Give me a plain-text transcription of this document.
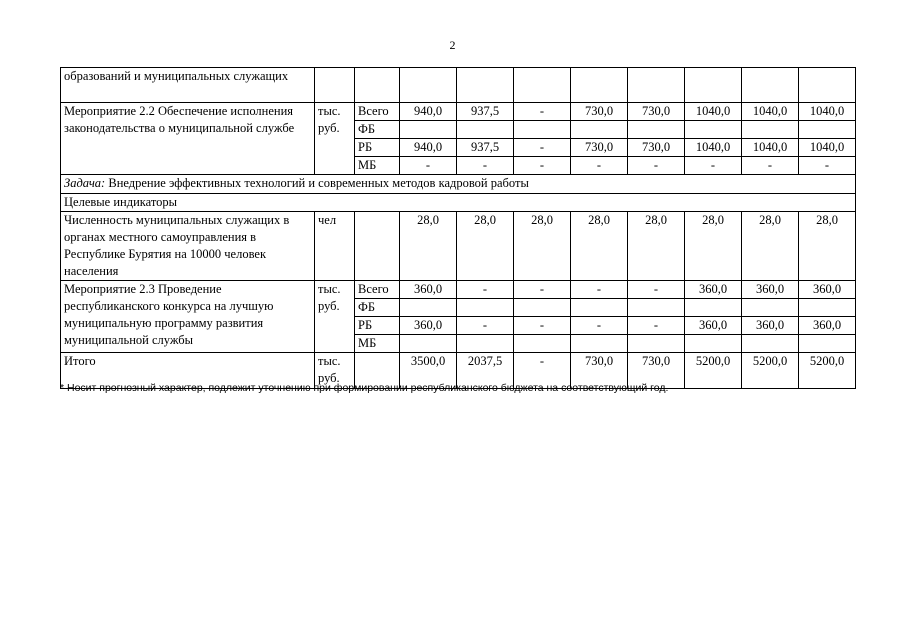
2
образований и муниципальных служащих										
Мероприятие 2.2 Обеспечение исполнения законодательства о муниципальной службе	тыс. руб.	Всего	940,0	937,5	-	730,0	730,0	1040,0	1040,0	1040,0
		ФБ								
		РБ	940,0	937,5	-	730,0	730,0	1040,0	1040,0	1040,0
		МБ	-	-	-	-	-	-	-	-
Задача: Внедрение эффективных технологий и современных методов кадровой работы										
Целевые индикаторы										
Численность муниципальных служащих в органах местного самоуправления в Республике Бурятия на 10000 человек населения	чел		28,0	28,0	28,0	28,0	28,0	28,0	28,0	28,0
Мероприятие 2.3 Проведение республиканского конкурса на лучшую муниципальную программу развития муниципальной службы	тыс. руб.	Всего	360,0	-	-	-	-	360,0	360,0	360,0
		ФБ								
		РБ	360,0	-	-	-	-	360,0	360,0	360,0
		МБ								
Итого	тыс. руб.		3500,0	2037,5	-	730,0	730,0	5200,0	5200,0	5200,0
* Носит прогнозный характер, подлежит уточнению при формировании республиканского бюджета на соответствующий год.
